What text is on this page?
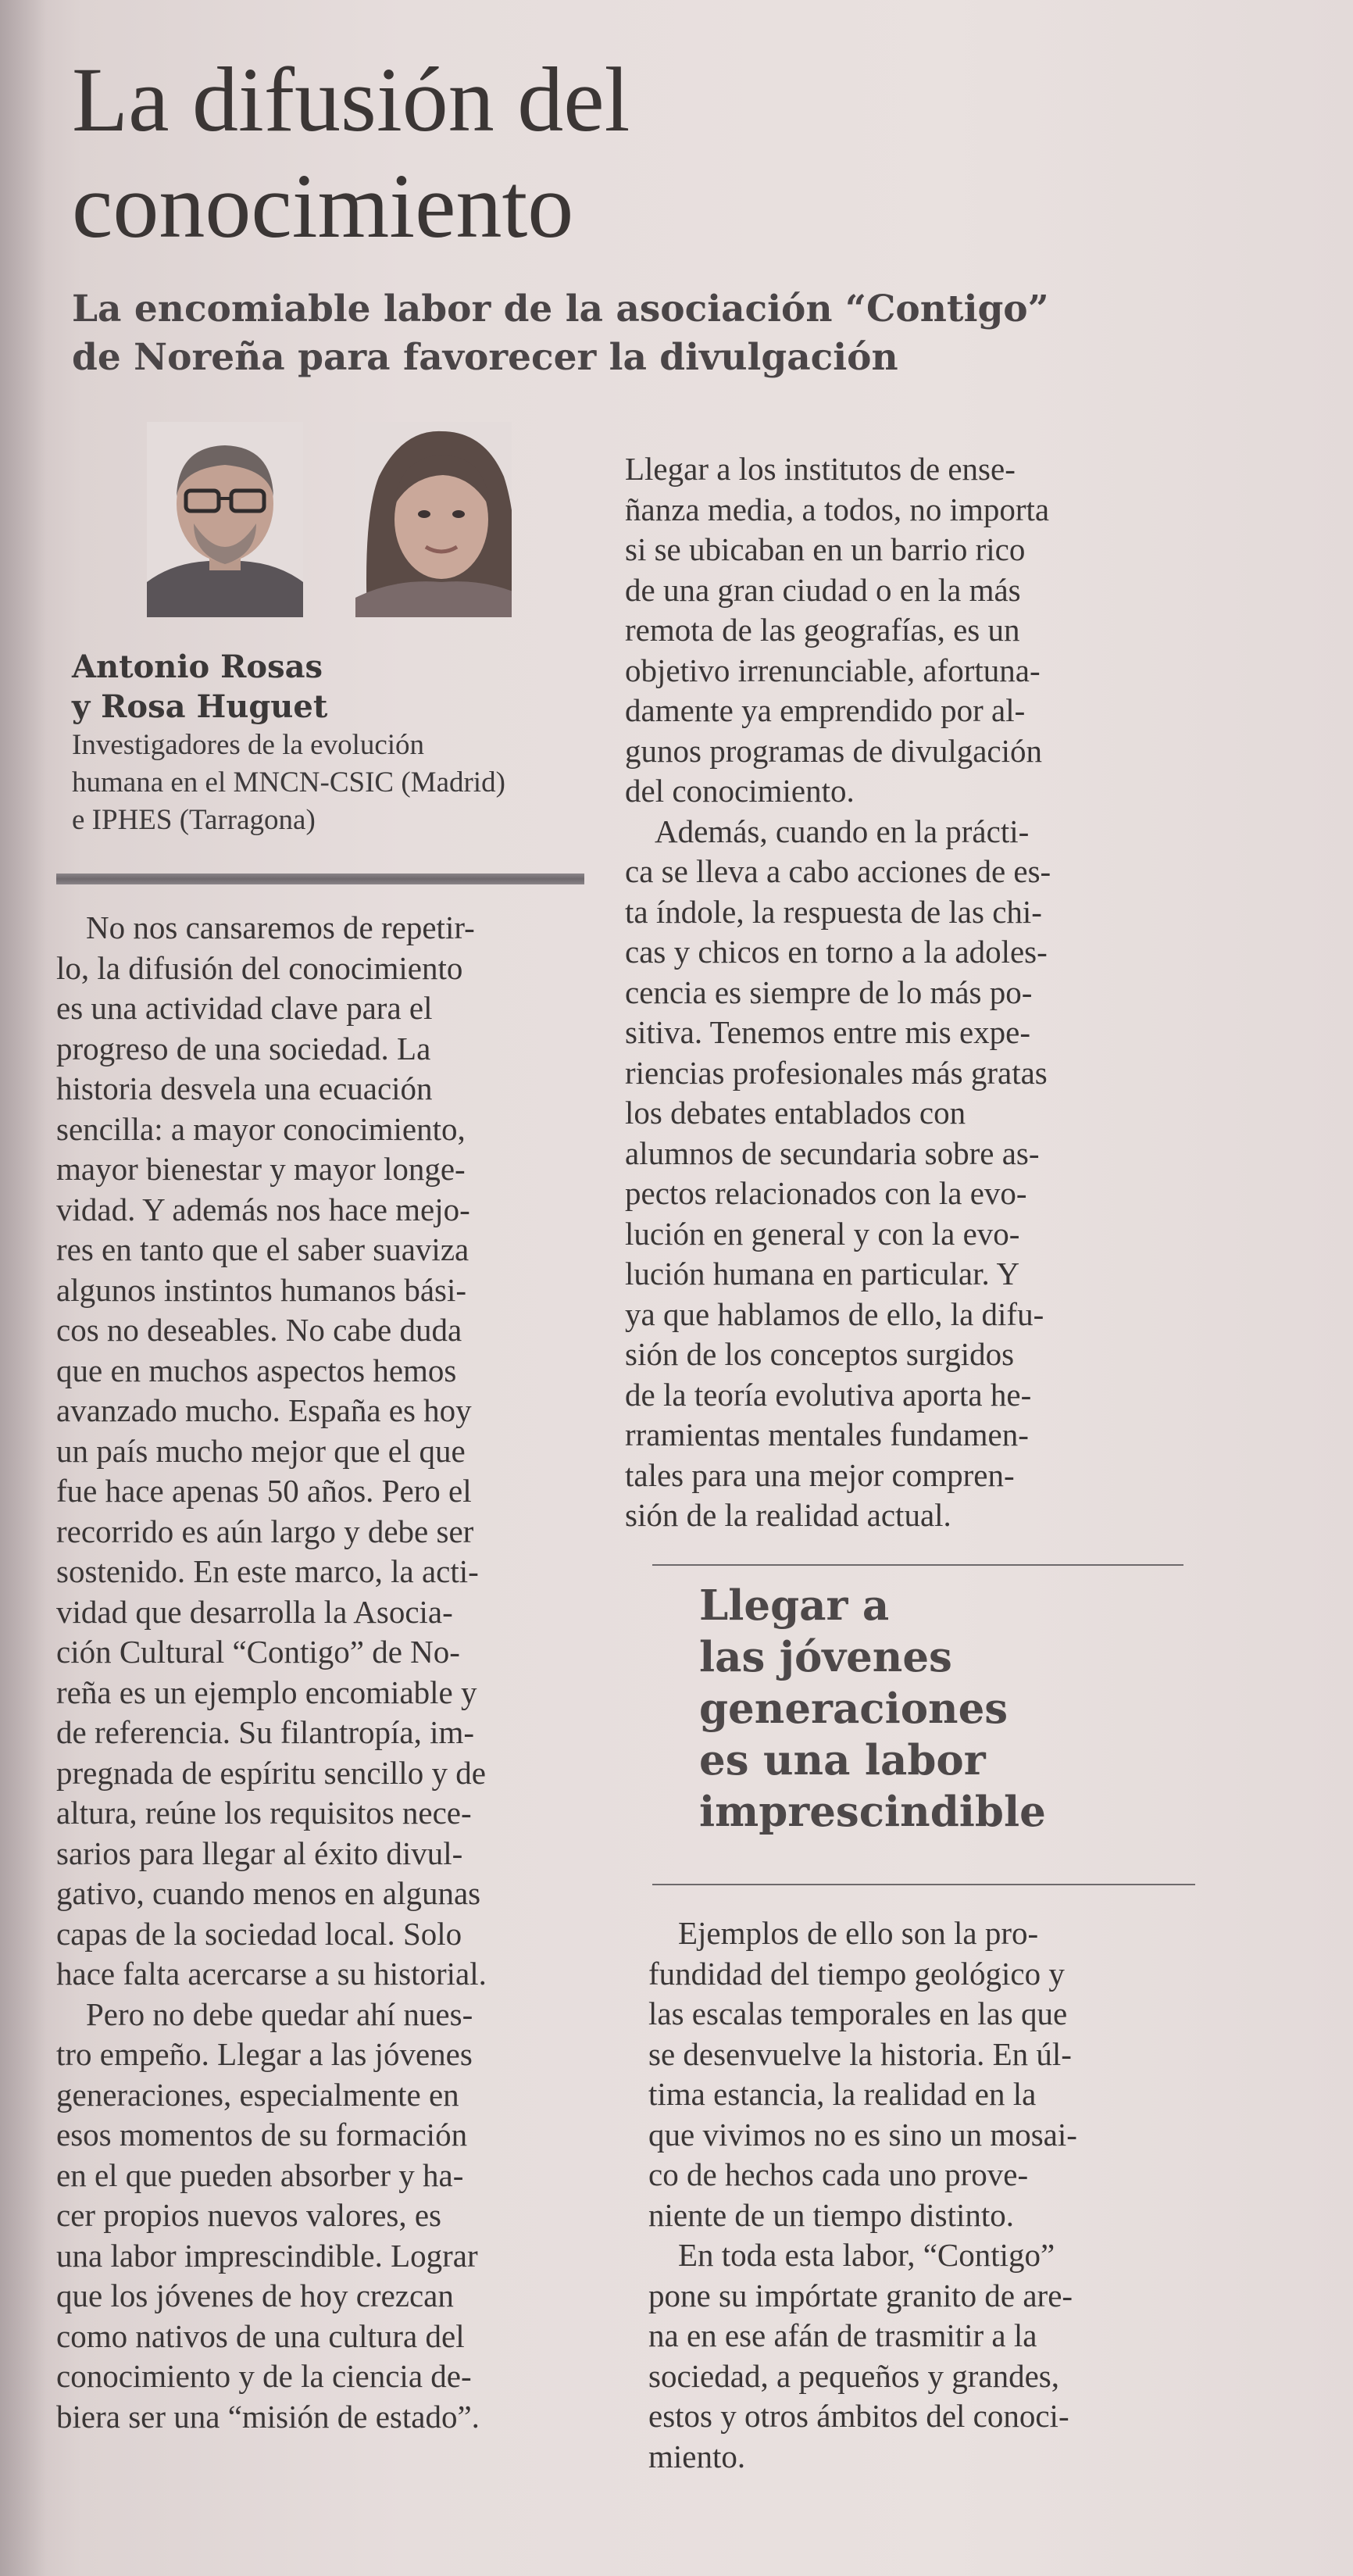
La difusión del
conocimiento
La encomiable labor de la asociación “Contigo”
de Noreña para favorecer la divulgación
Antonio Rosas
y Rosa Huguet
Investigadores de la evolución
humana en el MNCN-CSIC (Madrid)
e IPHES (Tarragona)
No nos cansaremos de repetir-
lo, la difusión del conocimiento
es una actividad clave para el
progreso de una sociedad. La
historia desvela una ecuación
sencilla: a mayor conocimiento,
mayor bienestar y mayor longe-
vidad. Y además nos hace mejo-
res en tanto que el saber suaviza
algunos instintos humanos bási-
cos no deseables. No cabe duda
que en muchos aspectos hemos
avanzado mucho. España es hoy
un país mucho mejor que el que
fue hace apenas 50 años. Pero el
recorrido es aún largo y debe ser
sostenido. En este marco, la acti-
vidad que desarrolla la Asocia-
ción Cultural “Contigo” de No-
reña es un ejemplo encomiable y
de referencia. Su filantropía, im-
pregnada de espíritu sencillo y de
altura, reúne los requisitos nece-
sarios para llegar al éxito divul-
gativo, cuando menos en algunas
capas de la sociedad local. Solo
hace falta acercarse a su historial.
Pero no debe quedar ahí nues-
tro empeño. Llegar a las jóvenes
generaciones, especialmente en
esos momentos de su formación
en el que pueden absorber y ha-
cer propios nuevos valores, es
una labor imprescindible. Lograr
que los jóvenes de hoy crezcan
como nativos de una cultura del
conocimiento y de la ciencia de-
biera ser una “misión de estado”.
Llegar a los institutos de ense-
ñanza media, a todos, no importa
si se ubicaban en un barrio rico
de una gran ciudad o en la más
remota de las geografías, es un
objetivo irrenunciable, afortuna-
damente ya emprendido por al-
gunos programas de divulgación
del conocimiento.
Además, cuando en la prácti-
ca se lleva a cabo acciones de es-
ta índole, la respuesta de las chi-
cas y chicos en torno a la adoles-
cencia es siempre de lo más po-
sitiva. Tenemos entre mis expe-
riencias profesionales más gratas
los debates entablados con
alumnos de secundaria sobre as-
pectos relacionados con la evo-
lución en general y con la evo-
lución humana en particular. Y
ya que hablamos de ello, la difu-
sión de los conceptos surgidos
de la teoría evolutiva aporta he-
rramientas mentales fundamen-
tales para una mejor compren-
sión de la realidad actual.
Llegar a
las jóvenes
generaciones
es una labor
imprescindible
Ejemplos de ello son la pro-
fundidad del tiempo geológico y
las escalas temporales en las que
se desenvuelve la historia. En úl-
tima estancia, la realidad en la
que vivimos no es sino un mosai-
co de hechos cada uno prove-
niente de un tiempo distinto.
En toda esta labor, “Contigo”
pone su impórtate granito de are-
na en ese afán de trasmitir a la
sociedad, a pequeños y grandes,
estos y otros ámbitos del conoci-
miento.
